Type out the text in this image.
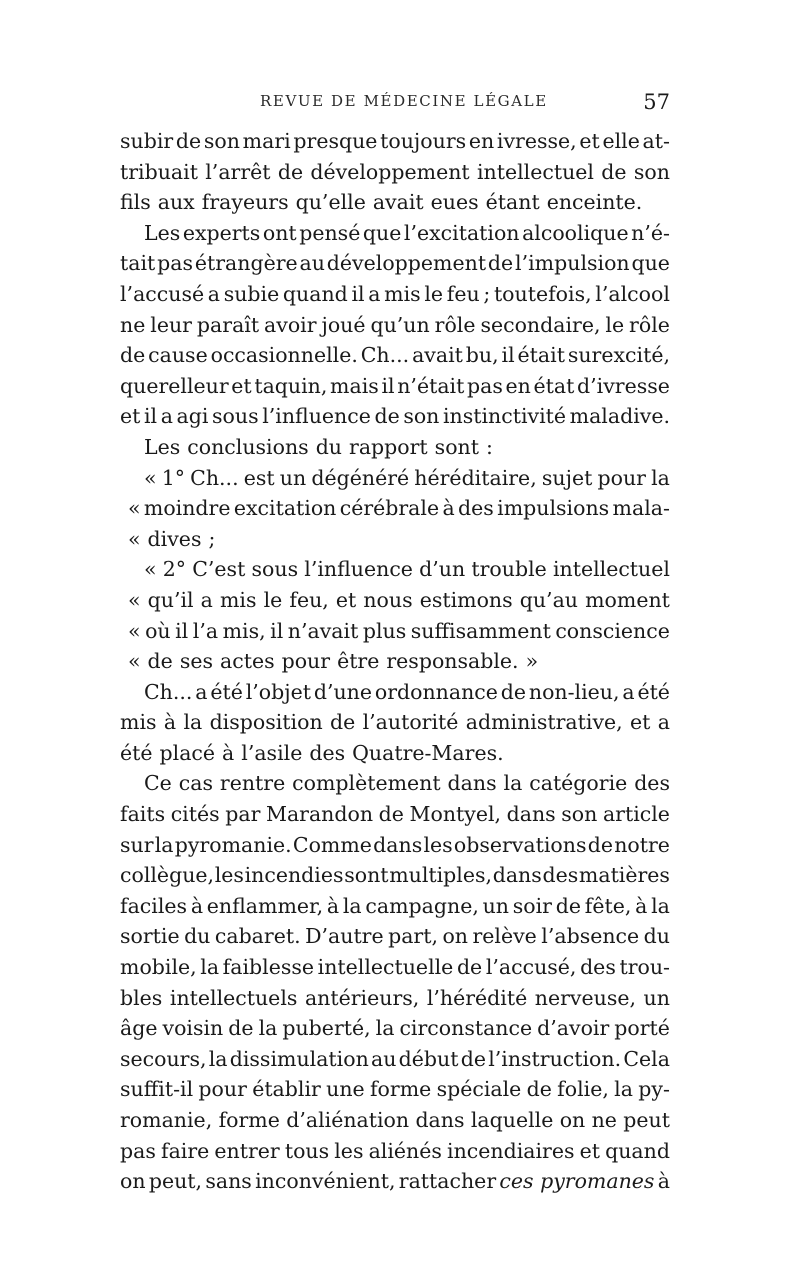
REVUE DE MÉDECINE LÉGALE	57
subir de son mari presque toujours en ivresse, et elle at-
tribuait l’arrêt de développement intellectuel de son
fils aux frayeurs qu’elle avait eues étant enceinte.
Les experts ont pensé que l’excitation alcoolique n’é-
tait pas étrangère au développement de l’impulsion que
l’accusé a subie quand il a mis le feu ; toutefois, l’alcool
ne leur paraît avoir joué qu’un rôle secondaire, le rôle
de cause occasionnelle. Ch... avait bu, il était surexcité,
querelleur et taquin, mais il n’était pas en état d’ivresse
et il a agi sous l’influence de son instinctivité maladive.
Les conclusions du rapport sont :
« 1° Ch... est un dégénéré héréditaire, sujet pour la
« moindre excitation cérébrale à des impulsions mala-
« dives ;
« 2° C’est sous l’influence d’un trouble intellectuel
« qu’il a mis le feu, et nous estimons qu’au moment
« où il l’a mis, il n’avait plus suffisamment conscience
« de ses actes pour être responsable. »
Ch... a été l’objet d’une ordonnance de non-lieu, a été
mis à la disposition de l’autorité administrative, et a
été placé à l’asile des Quatre-Mares.
Ce cas rentre complètement dans la catégorie des
faits cités par Marandon de Montyel, dans son article
sur la pyromanie. Comme dans les observations de notre
collègue, les incendies sont multiples, dans des matières
faciles à enflammer, à la campagne, un soir de fête, à la
sortie du cabaret. D’autre part, on relève l’absence du
mobile, la faiblesse intellectuelle de l’accusé, des trou-
bles intellectuels antérieurs, l’hérédité nerveuse, un
âge voisin de la puberté, la circonstance d’avoir porté
secours, la dissimulation au début de l’instruction. Cela
suffit-il pour établir une forme spéciale de folie, la py-
romanie, forme d’aliénation dans laquelle on ne peut
pas faire entrer tous les aliénés incendiaires et quand
on peut, sans inconvénient, rattacher ces pyromanes à
